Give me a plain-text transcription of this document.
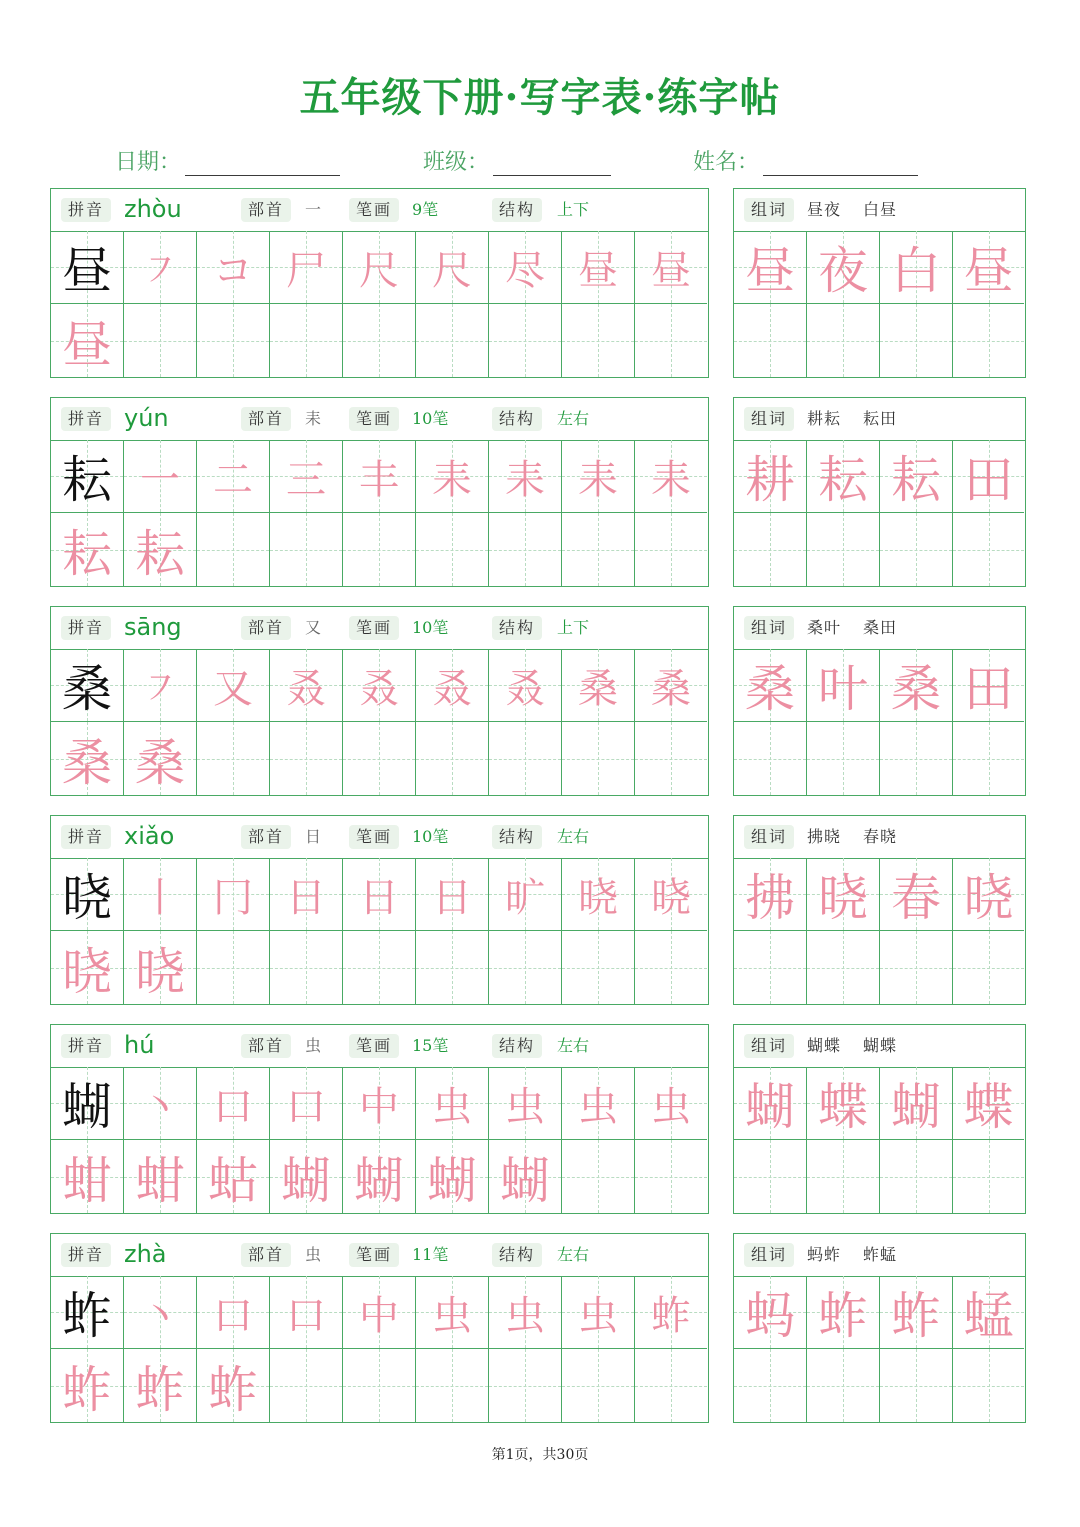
五年级下册·写字表·练字帖
日期：	班级：	姓名：
拼音 zhòu	部首	一	笔画	9笔	结构	上下
昼 ㇇ コ 尸 尺 尺 尽 昼 昼
昼
组词	昼夜 白昼
昼 夜 白 昼
拼音 yún	部首	耒	笔画	10笔	结构	左右
耘 一 二 三 丰 耒 耒 耒 耒
耘 耘
组词	耕耘 耘田
耕 耘 耘 田
拼音 sāng	部首	又	笔画	10笔	结构	上下
桑 ㇇ 又 叒 叒 叒 叒 桑 桑
桑 桑
组词	桑叶 桑田
桑 叶 桑 田
拼音 xiǎo	部首	日	笔画	10笔	结构	左右
晓 丨 冂 日 日 日 旷 晓 晓
晓 晓
组词	拂晓 春晓
拂 晓 春 晓
拼音 hú	部首	虫	笔画	15笔	结构	左右
蝴 丶 口 口 中 虫 虫 虫 虫
蚶 蚶 蛄 蝴 蝴 蝴 蝴
组词	蝴蝶 蝴蝶
蝴 蝶 蝴 蝶
拼音 zhà	部首	虫	笔画	11笔	结构	左右
蚱 丶 口 口 中 虫 虫 虫 蚱
蚱 蚱 蚱
组词	蚂蚱 蚱蜢
蚂 蚱 蚱 蜢
第1页，共30页
